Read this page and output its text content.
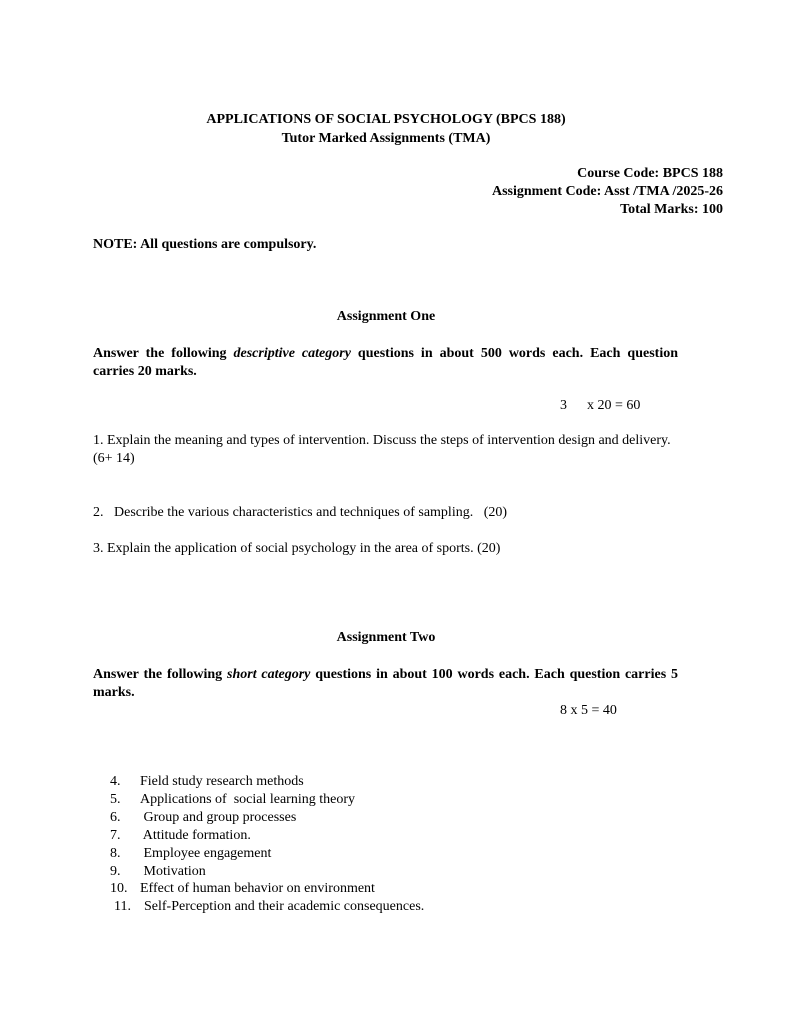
APPLICATIONS OF SOCIAL PSYCHOLOGY (BPCS 188)
Tutor Marked Assignments (TMA)
Course Code: BPCS 188
Assignment Code: Asst /TMA /2025-26
Total Marks: 100
NOTE: All questions are compulsory.
Assignment One
Answer the following descriptive category questions in about 500 words each. Each question carries 20 marks.
3 x 20 = 60
1. Explain the meaning and types of intervention. Discuss the steps of intervention design and delivery. (6+ 14)
2.   Describe the various characteristics and techniques of sampling.   (20)
3. Explain the application of social psychology in the area of sports. (20)
Assignment Two
Answer the following short category questions in about 100 words each. Each question carries 5 marks.
8 x 5 = 40
4.	Field study research methods
5.	Applications of  social learning theory
6.	Group and group processes
7.	Attitude formation.
8.	Employee engagement
9.	Motivation
10. Effect of human behavior on environment
11. Self-Perception and their academic consequences.
